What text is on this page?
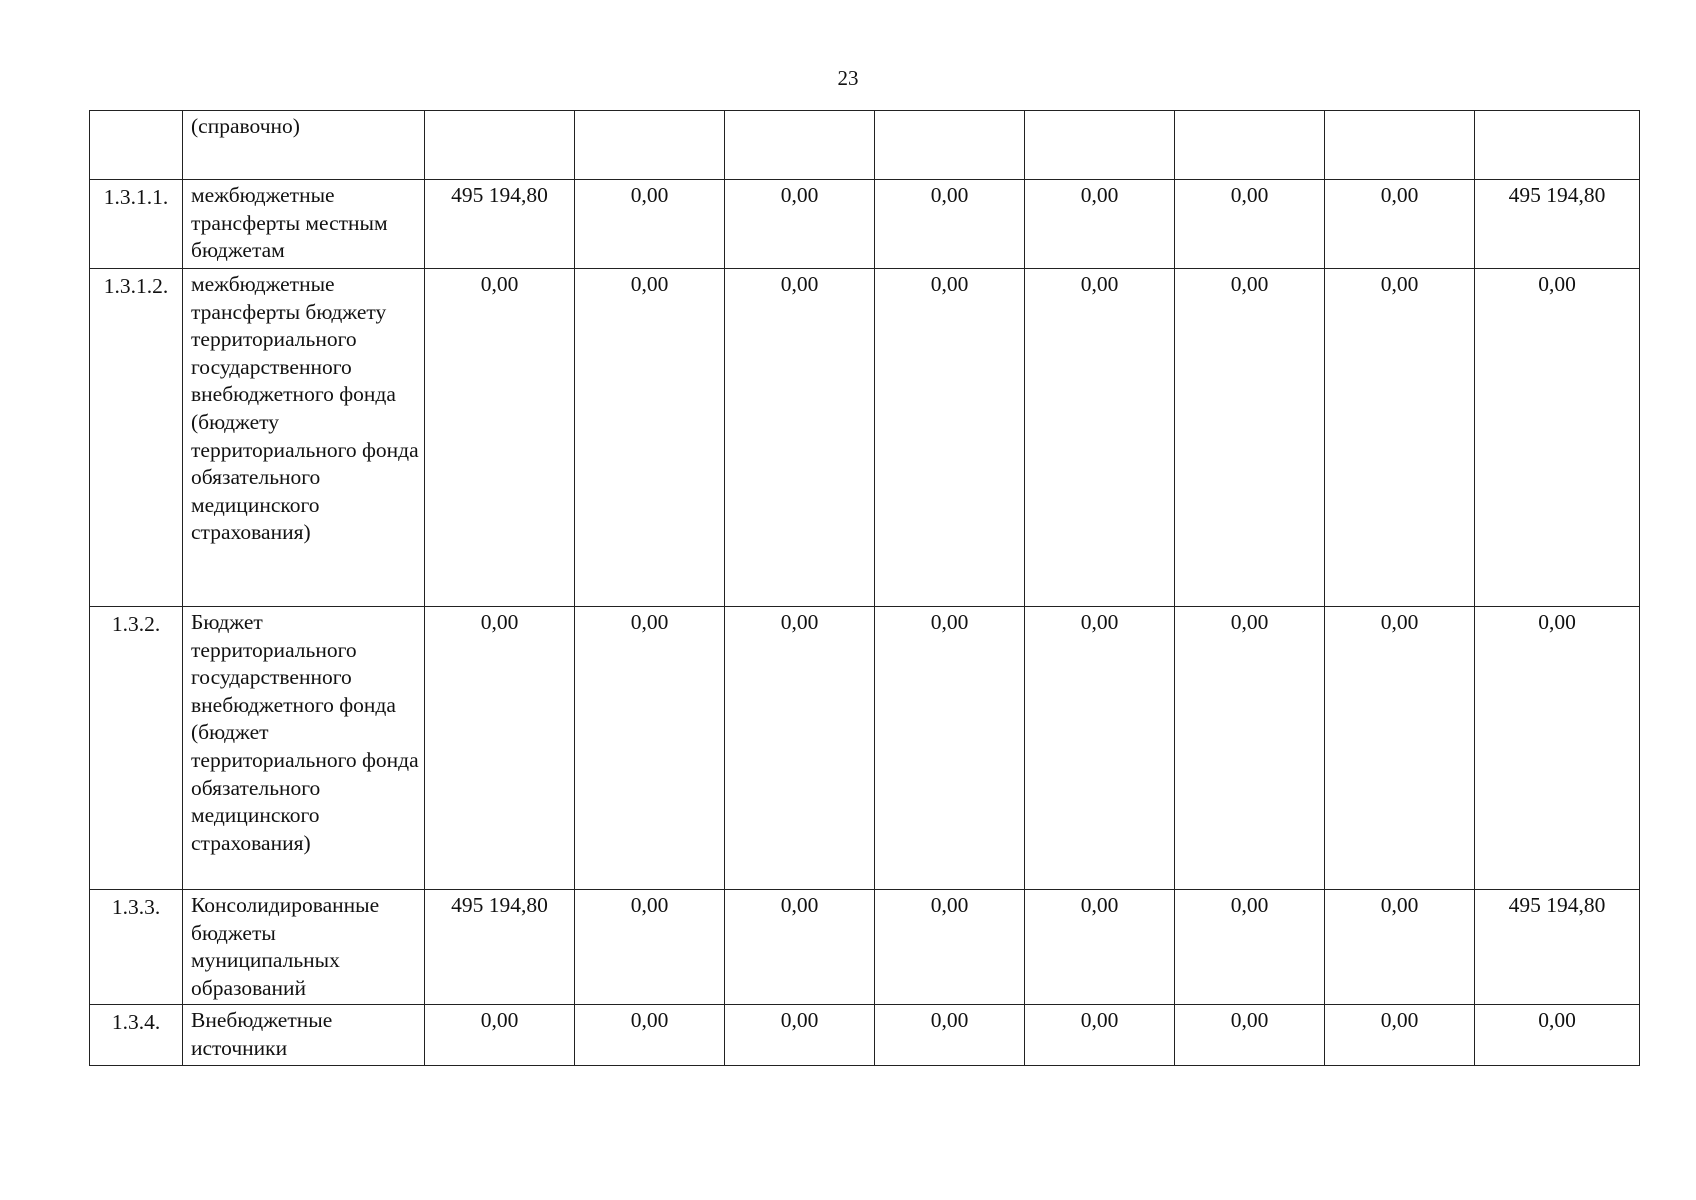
23
	(справочно)								
1.3.1.1.	межбюджетные трансферты местным бюджетам	495 194,80	0,00	0,00	0,00	0,00	0,00	0,00	495 194,80
1.3.1.2.	межбюджетные трансферты бюджету территориального государственного внебюджетного фонда (бюджету территориального фонда обязательного медицинского страхования)	0,00	0,00	0,00	0,00	0,00	0,00	0,00	0,00
1.3.2.	Бюджет территориального государственного внебюджетного фонда (бюджет территориального фонда обязательного медицинского страхования)	0,00	0,00	0,00	0,00	0,00	0,00	0,00	0,00
1.3.3.	Консолидированные бюджеты муниципальных образований	495 194,80	0,00	0,00	0,00	0,00	0,00	0,00	495 194,80
1.3.4.	Внебюджетные источники	0,00	0,00	0,00	0,00	0,00	0,00	0,00	0,00
